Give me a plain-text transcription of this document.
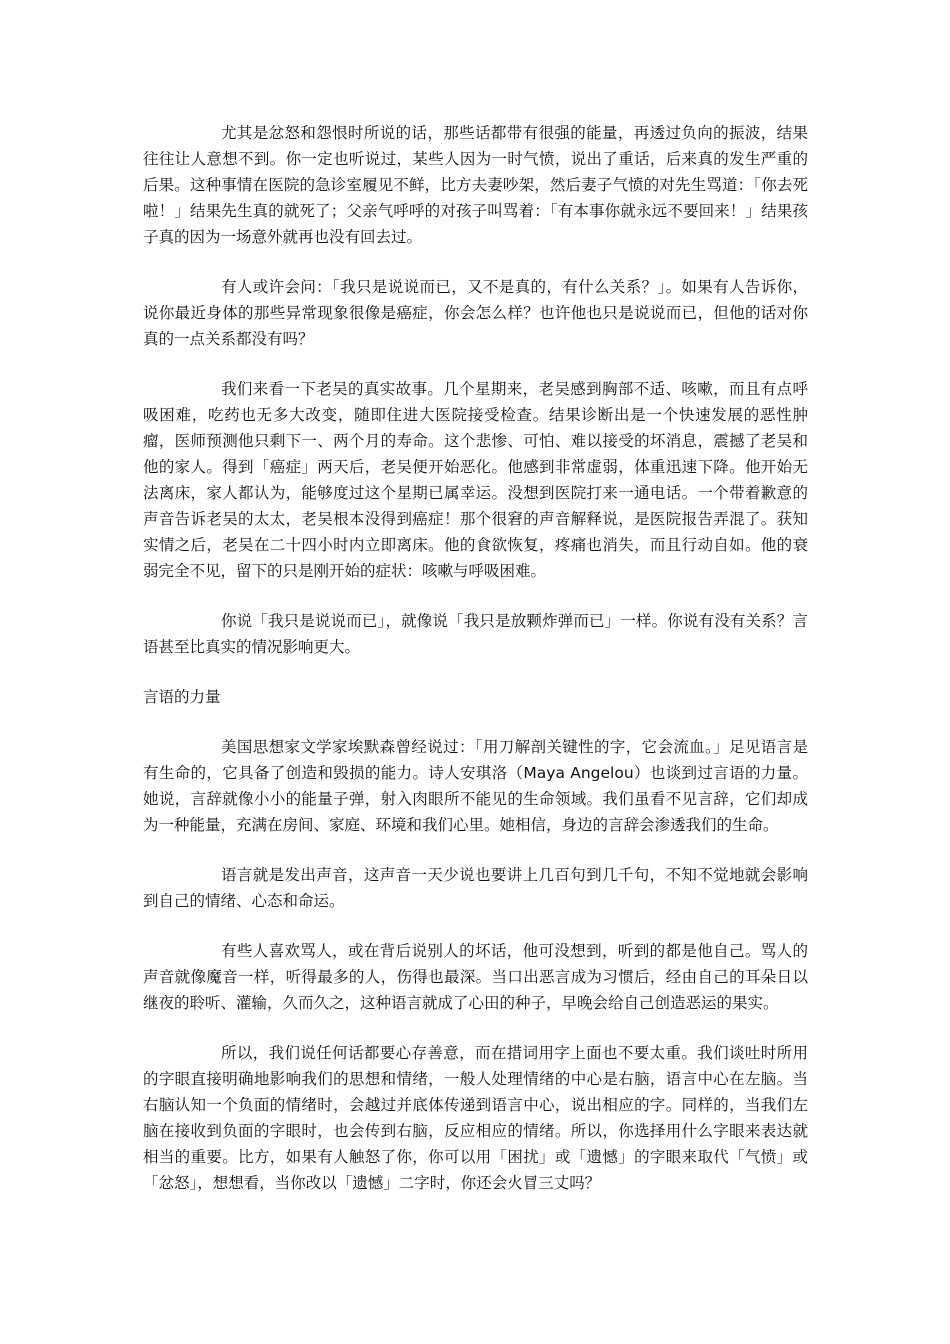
尤其是忿怒和怨恨时所说的话，那些话都带有很强的能量，再透过负向的振波，结果往往让人意想不到。你一定也听说过，某些人因为一时气愤，说出了重话，后来真的发生严重的后果。这种事情在医院的急诊室履见不鲜，比方夫妻吵架，然后妻子气愤的对先生骂道：「你去死啦！」结果先生真的就死了；父亲气呼呼的对孩子叫骂着：「有本事你就永远不要回来！」结果孩子真的因为一场意外就再也没有回去过。

有人或许会问：「我只是说说而已，又不是真的，有什么关系？」。如果有人告诉你，说你最近身体的那些异常现象很像是癌症，你会怎么样？也许他也只是说说而已，但他的话对你真的一点关系都没有吗？

我们来看一下老吴的真实故事。几个星期来，老吴感到胸部不适、咳嗽，而且有点呼吸困难，吃药也无多大改变，随即住进大医院接受检查。结果诊断出是一个快速发展的恶性肿瘤，医师预测他只剩下一、两个月的寿命。这个悲惨、可怕、难以接受的坏消息，震撼了老吴和他的家人。得到「癌症」两天后，老吴便开始恶化。他感到非常虚弱，体重迅速下降。他开始无法离床，家人都认为，能够度过这个星期已属幸运。没想到医院打来一通电话。一个带着歉意的声音告诉老吴的太太，老吴根本没得到癌症！那个很窘的声音解释说，是医院报告弄混了。获知实情之后，老吴在二十四小时内立即离床。他的食欲恢复，疼痛也消失，而且行动自如。他的衰弱完全不见，留下的只是刚开始的症状：咳嗽与呼吸困难。

你说「我只是说说而已」，就像说「我只是放颗炸弹而已」一样。你说有没有关系？言语甚至比真实的情况影响更大。

言语的力量

美国思想家文学家埃默森曾经说过：「用刀解剖关键性的字，它会流血。」足见语言是有生命的，它具备了创造和毁损的能力。诗人安琪洛（Maya Angelou）也谈到过言语的力量。她说，言辞就像小小的能量子弹，射入肉眼所不能见的生命领域。我们虽看不见言辞，它们却成为一种能量，充满在房间、家庭、环境和我们心里。她相信，身边的言辞会渗透我们的生命。

语言就是发出声音，这声音一天少说也要讲上几百句到几千句，不知不觉地就会影响到自己的情绪、心态和命运。

有些人喜欢骂人，或在背后说别人的坏话，他可没想到，听到的都是他自己。骂人的声音就像魔音一样，听得最多的人，伤得也最深。当口出恶言成为习惯后，经由自己的耳朵日以继夜的聆听、灌输，久而久之，这种语言就成了心田的种子，早晚会给自己创造恶运的果实。

所以，我们说任何话都要心存善意，而在措词用字上面也不要太重。我们谈吐时所用的字眼直接明确地影响我们的思想和情绪，一般人处理情绪的中心是右脑，语言中心在左脑。当右脑认知一个负面的情绪时，会越过并底体传递到语言中心，说出相应的字。同样的，当我们左脑在接收到负面的字眼时，也会传到右脑，反应相应的情绪。所以，你选择用什么字眼来表达就相当的重要。比方，如果有人触怒了你，你可以用「困扰」或「遗憾」的字眼来取代「气愤」或「忿怒」，想想看，当你改以「遗憾」二字时，你还会火冒三丈吗？
